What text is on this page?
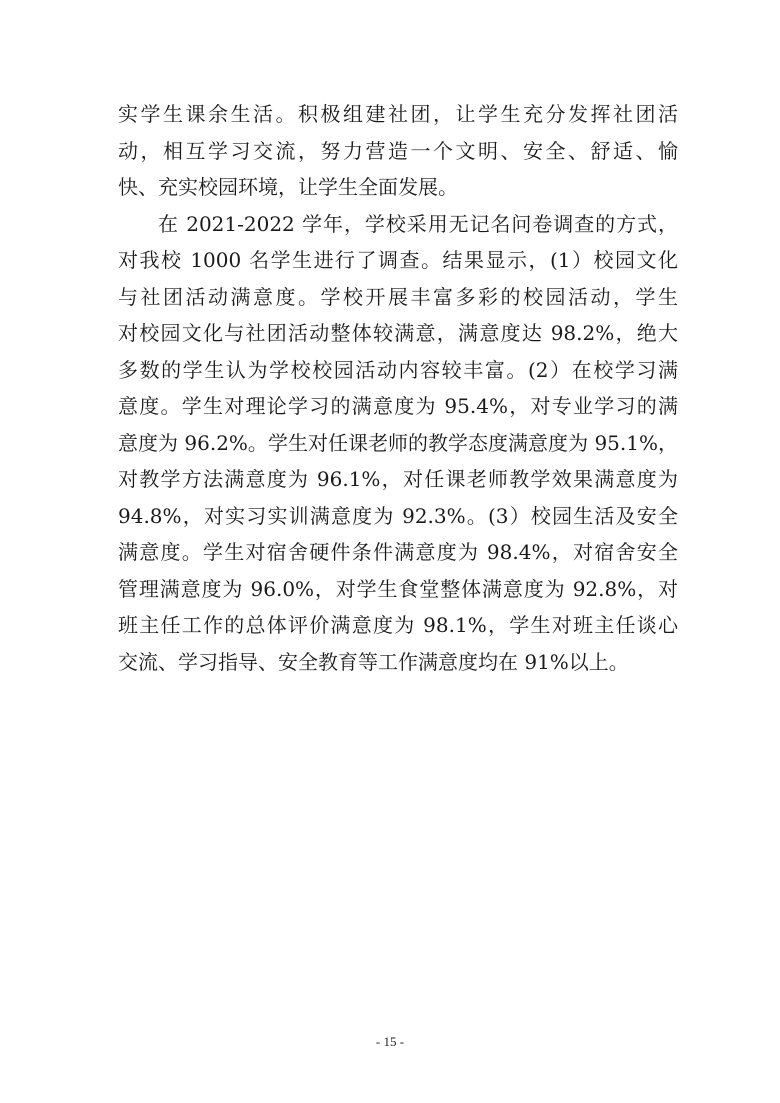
实学生课余生活。积极组建社团，让学生充分发挥社团活
动，相互学习交流，努力营造一个文明、安全、舒适、愉
快、充实校园环境，让学生全面发展。
在 2021-2022 学年，学校采用无记名问卷调查的方式，
对我校 1000 名学生进行了调查。结果显示，(1）校园文化
与社团活动满意度。学校开展丰富多彩的校园活动，学生
对校园文化与社团活动整体较满意，满意度达 98.2%，绝大
多数的学生认为学校校园活动内容较丰富。(2）在校学习满
意度。学生对理论学习的满意度为 95.4%，对专业学习的满
意度为 96.2%。学生对任课老师的教学态度满意度为 95.1%，
对教学方法满意度为 96.1%，对任课老师教学效果满意度为
94.8%，对实习实训满意度为 92.3%。(3）校园生活及安全
满意度。学生对宿舍硬件条件满意度为 98.4%，对宿舍安全
管理满意度为 96.0%，对学生食堂整体满意度为 92.8%，对
班主任工作的总体评价满意度为 98.1%，学生对班主任谈心
交流、学习指导、安全教育等工作满意度均在 91%以上。
- 15 -
